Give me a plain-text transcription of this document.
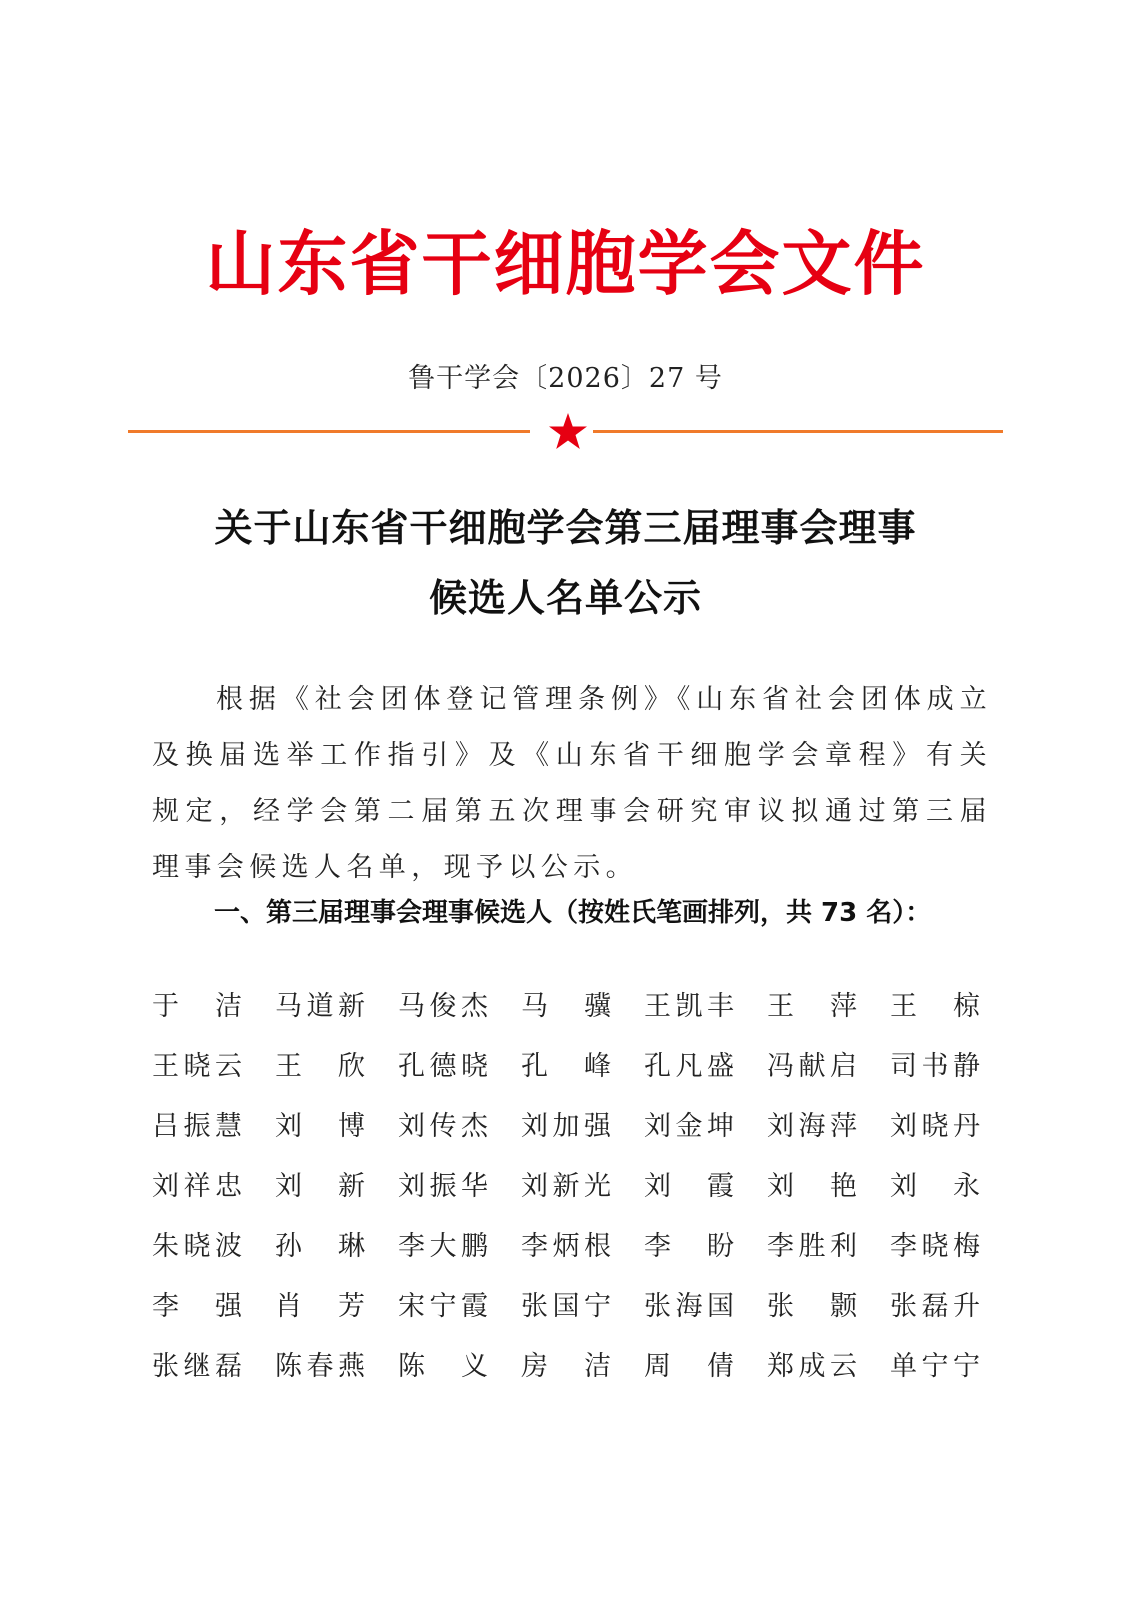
山东省干细胞学会文件
鲁干学会〔2026〕27 号
关于山东省干细胞学会第三届理事会理事
候选人名单公示
根据《社会团体登记管理条例》《山东省社会团体成立及换届选举工作指引》及《山东省干细胞学会章程》有关规定，经学会第二届第五次理事会研究审议拟通过第三届理事会候选人名单，现予以公示。
一、第三届理事会理事候选人（按姓氏笔画排列，共 73 名）：
于 洁 马 道 新 马 俊 杰 马 骥 王 凯 丰 王 萍 王 椋
王 晓 云 王 欣 孔 德 晓 孔 峰 孔 凡 盛 冯 献 启 司 书 静
吕 振 慧 刘 博 刘 传 杰 刘 加 强 刘 金 坤 刘 海 萍 刘 晓 丹
刘 祥 忠 刘 新 刘 振 华 刘 新 光 刘 霞 刘 艳 刘 永
朱 晓 波 孙 琳 李 大 鹏 李 炳 根 李 盼 李 胜 利 李 晓 梅
李 强 肖 芳 宋 宁 霞 张 国 宁 张 海 国 张 颢 张 磊 升
张 继 磊 陈 春 燕 陈 义 房 洁 周 倩 郑 成 云 单 宁 宁
